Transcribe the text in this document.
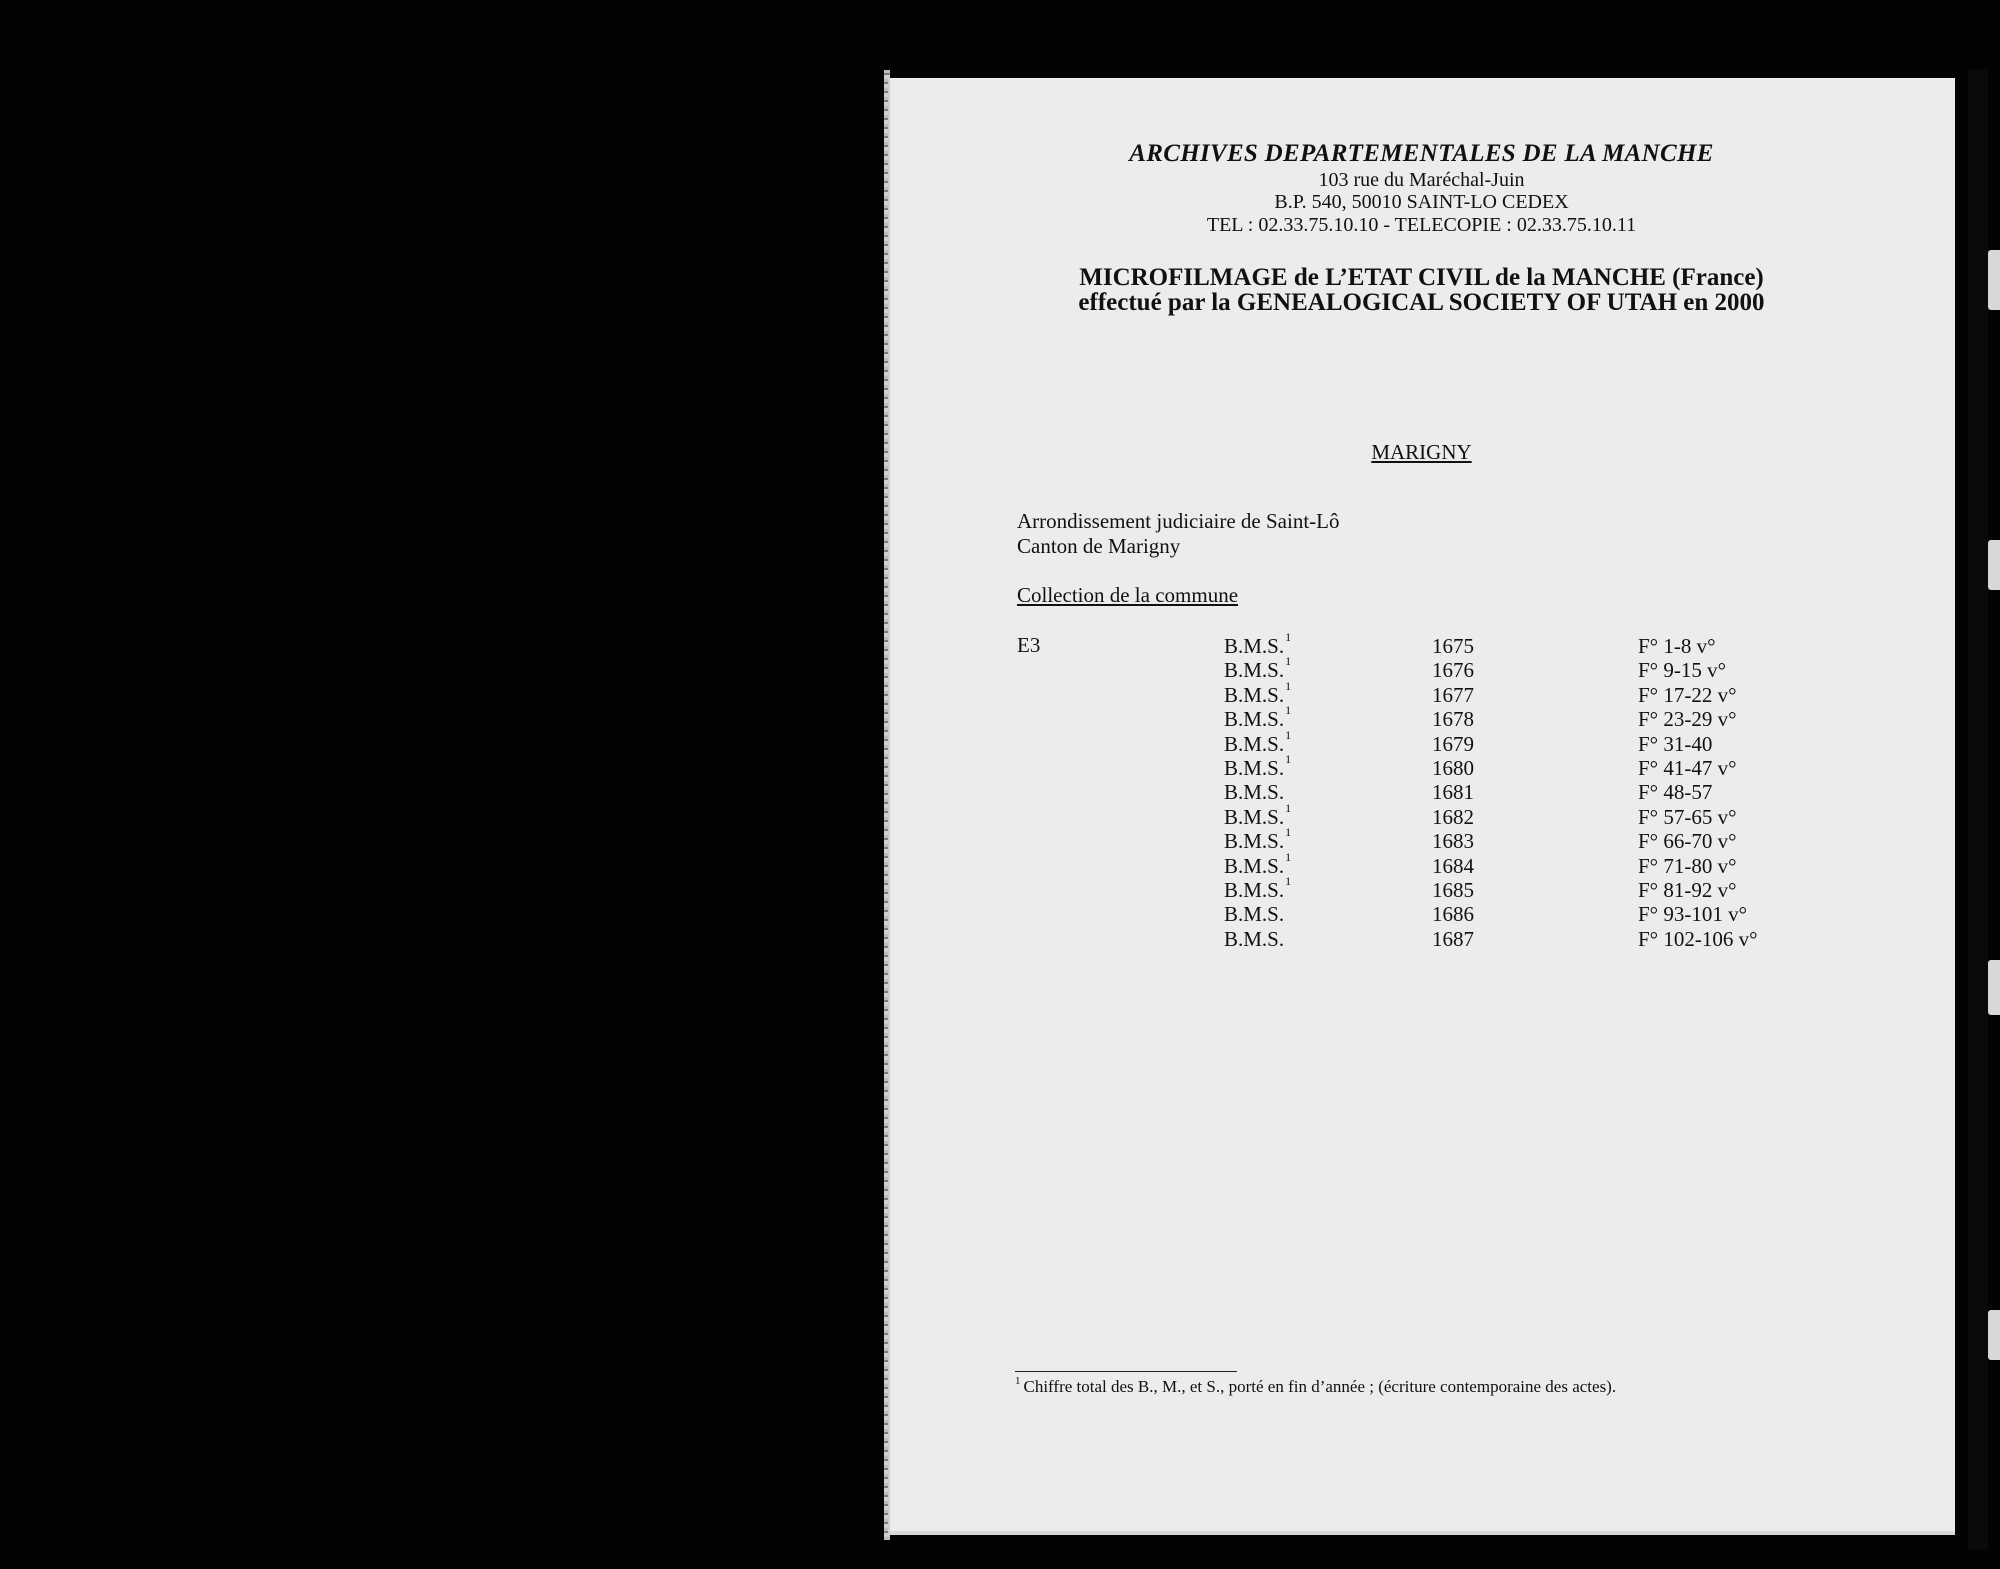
ARCHIVES DEPARTEMENTALES DE LA MANCHE
103 rue du Maréchal-Juin
B.P. 540, 50010 SAINT-LO CEDEX
TEL : 02.33.75.10.10 - TELECOPIE : 02.33.75.10.11
MICROFILMAGE de L’ETAT CIVIL de la MANCHE (France)
effectué par la GENEALOGICAL SOCIETY OF UTAH en 2000
MARIGNY
Arrondissement judiciaire de Saint-Lô
Canton de Marigny
Collection de la commune
E3	B.M.S.$^1$	1675	F° 1-8 v°
B.M.S.$^1$	1676	F° 9-15 v°
B.M.S.$^1$	1677	F° 17-22 v°
B.M.S.$^1$	1678	F° 23-29 v°
B.M.S.$^1$	1679	F° 31-40
B.M.S.$^1$	1680	F° 41-47 v°
B.M.S.	1681	F° 48-57
B.M.S.$^1$	1682	F° 57-65 v°
B.M.S.$^1$	1683	F° 66-70 v°
B.M.S.$^1$	1684	F° 71-80 v°
B.M.S.$^1$	1685	F° 81-92 v°
B.M.S.	1686	F° 93-101 v°
B.M.S.	1687	F° 102-106 v°
$^1$ Chiffre total des B., M., et S., porté en fin d’année ; (écriture contemporaine des actes).
